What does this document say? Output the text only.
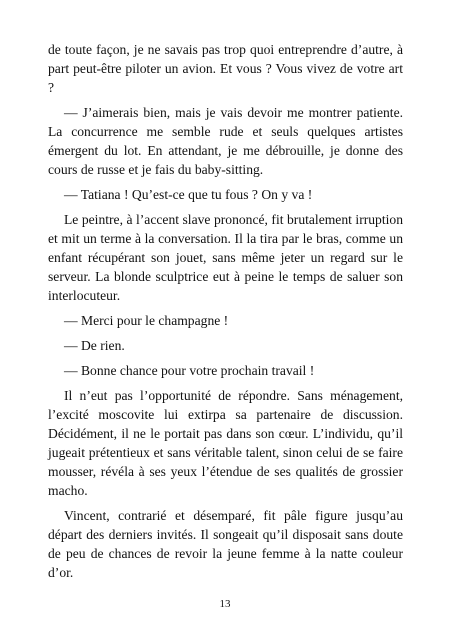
de toute façon, je ne savais pas trop quoi entreprendre d’autre, à part peut-être piloter un avion. Et vous ? Vous vivez de votre art ?

— J’aimerais bien, mais je vais devoir me montrer patiente. La concurrence me semble rude et seuls quelques artistes émergent du lot. En attendant, je me débrouille, je donne des cours de russe et je fais du baby-sitting.

— Tatiana ! Qu’est-ce que tu fous ? On y va !

Le peintre, à l’accent slave prononcé, fit brutalement irruption et mit un terme à la conversation. Il la tira par le bras, comme un enfant récupérant son jouet, sans même jeter un regard sur le serveur. La blonde sculptrice eut à peine le temps de saluer son interlocuteur.

— Merci pour le champagne !

— De rien.

— Bonne chance pour votre prochain travail !

Il n’eut pas l’opportunité de répondre. Sans ménagement, l’excité moscovite lui extirpa sa partenaire de discussion. Décidément, il ne le portait pas dans son cœur. L’individu, qu’il jugeait prétentieux et sans véritable talent, sinon celui de se faire mousser, révéla à ses yeux l’étendue de ses qualités de grossier macho.

Vincent, contrarié et désemparé, fit pâle figure jusqu’au départ des derniers invités. Il songeait qu’il disposait sans doute de peu de chances de revoir la jeune femme à la natte couleur d’or.

13
